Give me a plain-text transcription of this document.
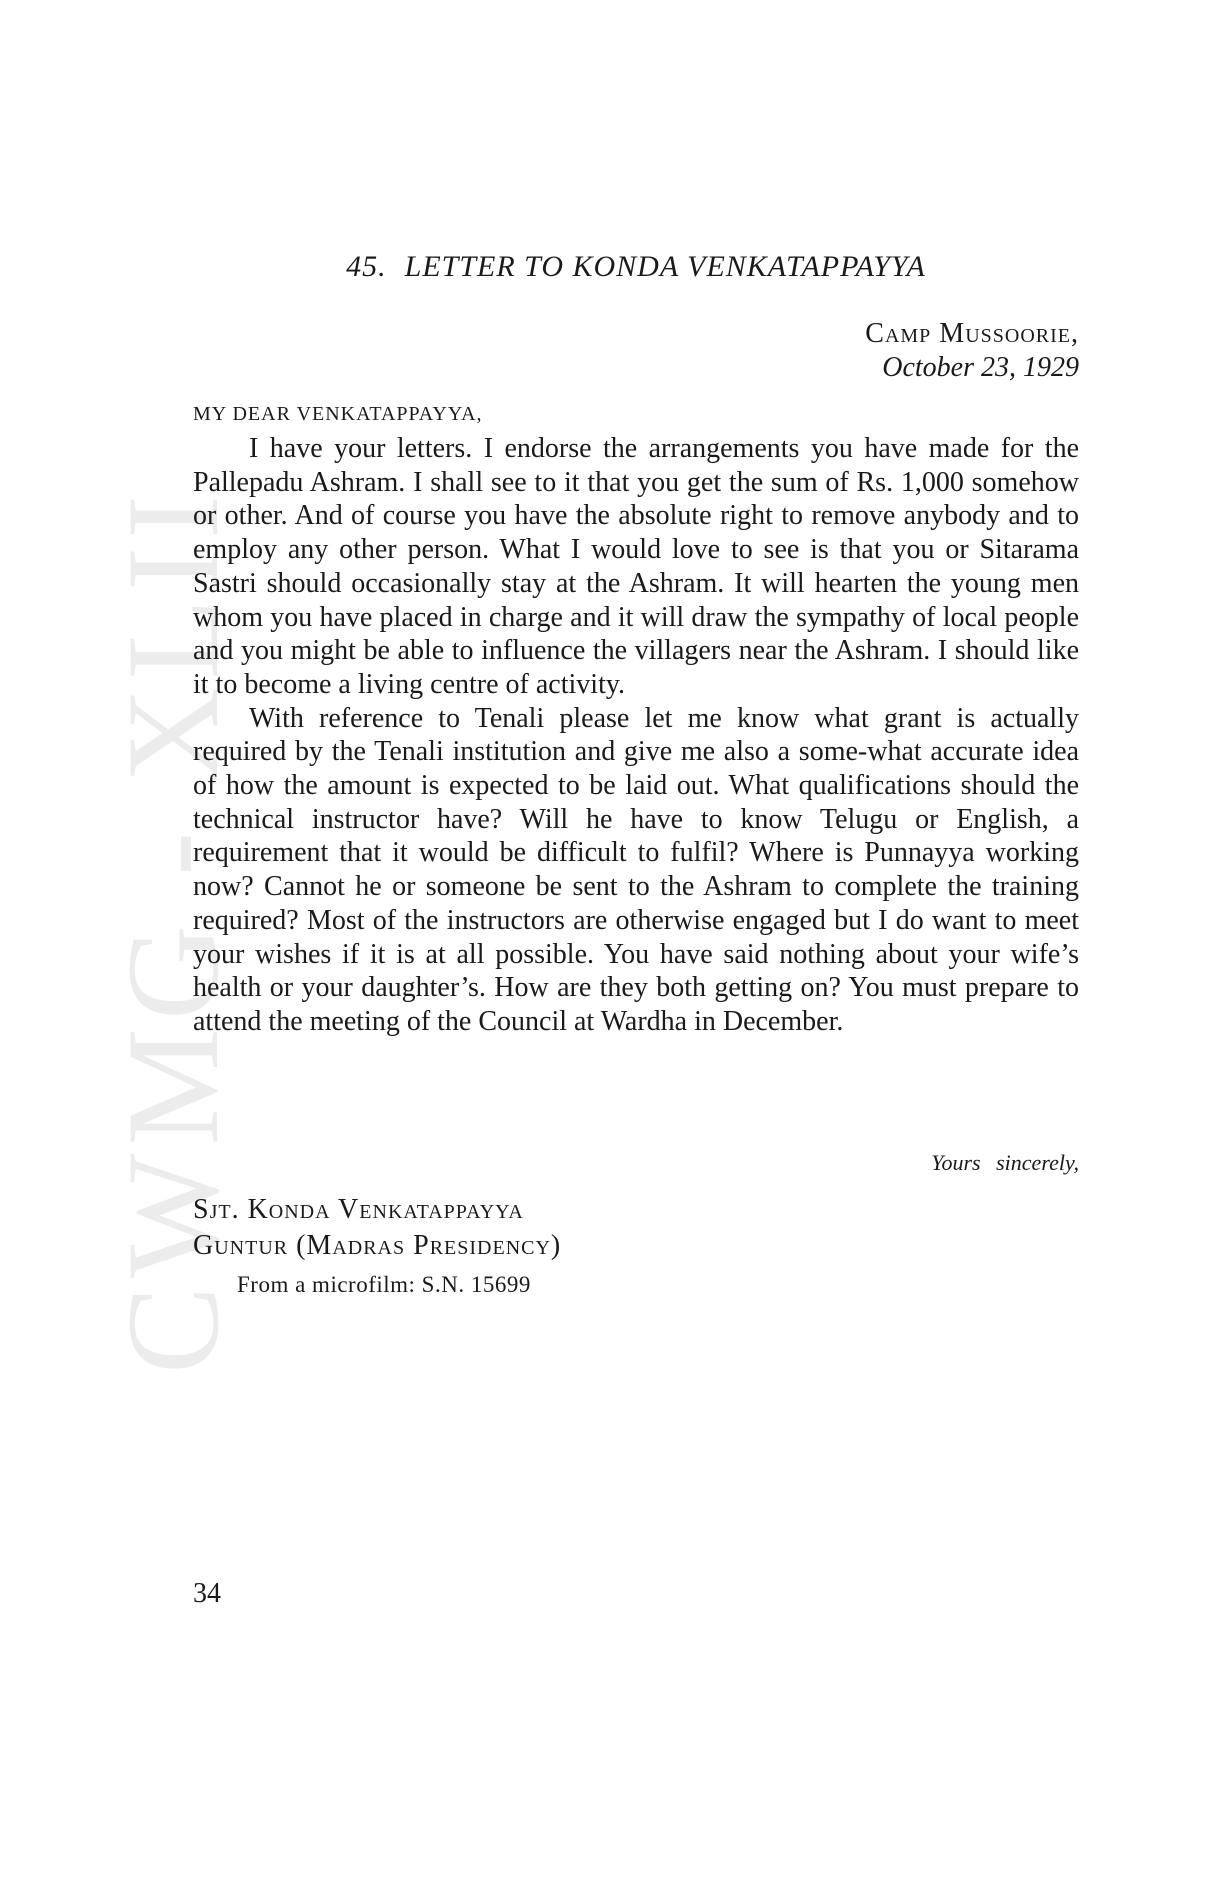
CWMG - XLII
45. LETTER TO KONDA VENKATAPPAYYA
Camp Mussoorie,
October 23, 1929
MY DEAR VENKATAPPAYYA,

I have your letters. I endorse the arrangements you have made for the Pallepadu Ashram. I shall see to it that you get the sum of Rs. 1,000 somehow or other. And of course you have the absolute right to remove anybody and to employ any other person. What I would love to see is that you or Sitarama Sastri should occasionally stay at the Ashram. It will hearten the young men whom you have placed in charge and it will draw the sympathy of local people and you might be able to influence the villagers near the Ashram. I should like it to become a living centre of activity.

With reference to Tenali please let me know what grant is actually required by the Tenali institution and give me also a some-what accurate idea of how the amount is expected to be laid out. What qualifications should the technical instructor have? Will he have to know Telugu or English, a requirement that it would be difficult to fulfil? Where is Punnayya working now? Cannot he or someone be sent to the Ashram to complete the training required? Most of the instructors are otherwise engaged but I do want to meet your wishes if it is at all possible. You have said nothing about your wife’s health or your daughter’s. How are they both getting on? You must prepare to attend the meeting of the Council at Wardha in December.

Yours sincerely,
Sjt. Konda Venkatappayya
Guntur (Madras Presidency)
From a microfilm: S.N. 15699
34
